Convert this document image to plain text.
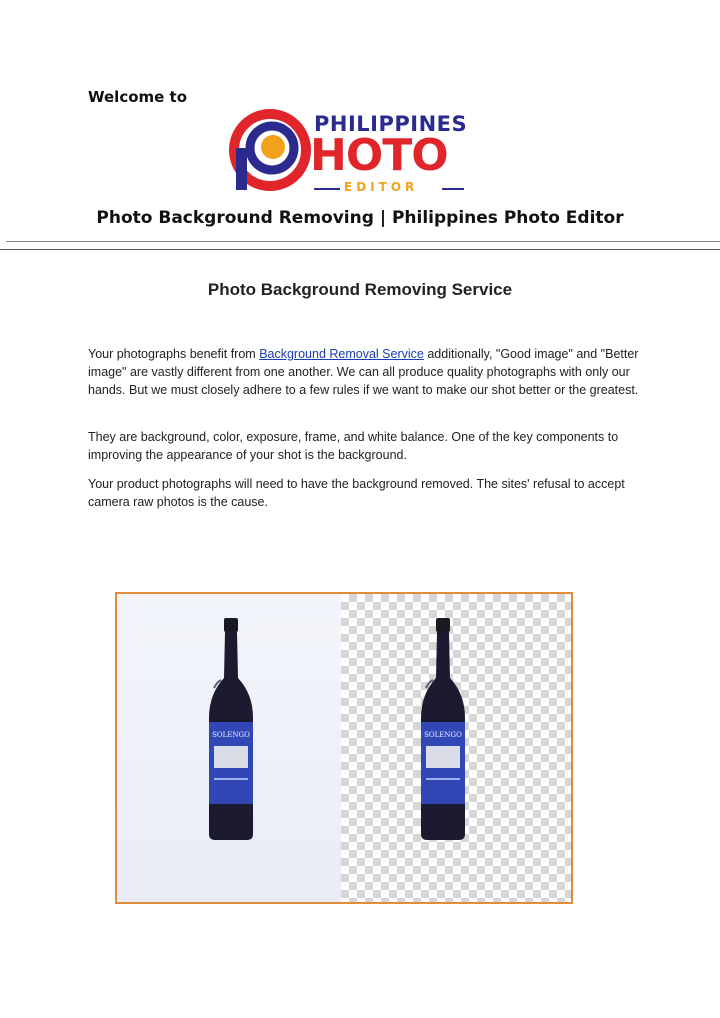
Welcome to
PHILIPPINES
HOTO
EDITOR
Photo Background Removing | Philippines Photo Editor
Photo Background Removing Service
Your photographs benefit from Background Removal Service additionally, "Good image" and "Better image" are vastly different from one another. We can all produce quality photographs with only our hands. But we must closely adhere to a few rules if we want to make our shot better or the greatest.
They are background, color, exposure, frame, and white balance. One of the key components to improving the appearance of your shot is the background.
Your product photographs will need to have the background removed. The sites' refusal to accept camera raw photos is the cause.
SOLENGO	SOLENGO
